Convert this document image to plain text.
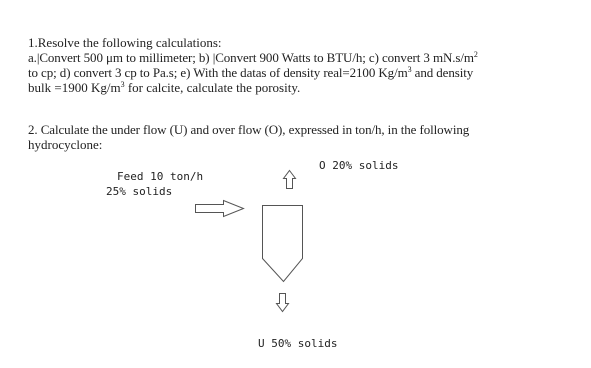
1.Resolve the following calculations:
a.|Convert 500 μm to millimeter; b) |Convert 900 Watts to BTU/h; c) convert 3 $mN.s/m^2$
to cp; d) convert 3 cp to Pa.s; e) With the datas of density real=2100 $Kg/m^3$ and density
bulk =1900 $Kg/m^3$ for calcite, calculate the porosity.
2. Calculate the under flow (U) and over flow (O), expressed in ton/h, in the following
hydrocyclone:
Feed 10 ton/h
25% solids
O 20% solids
U 50% solids
